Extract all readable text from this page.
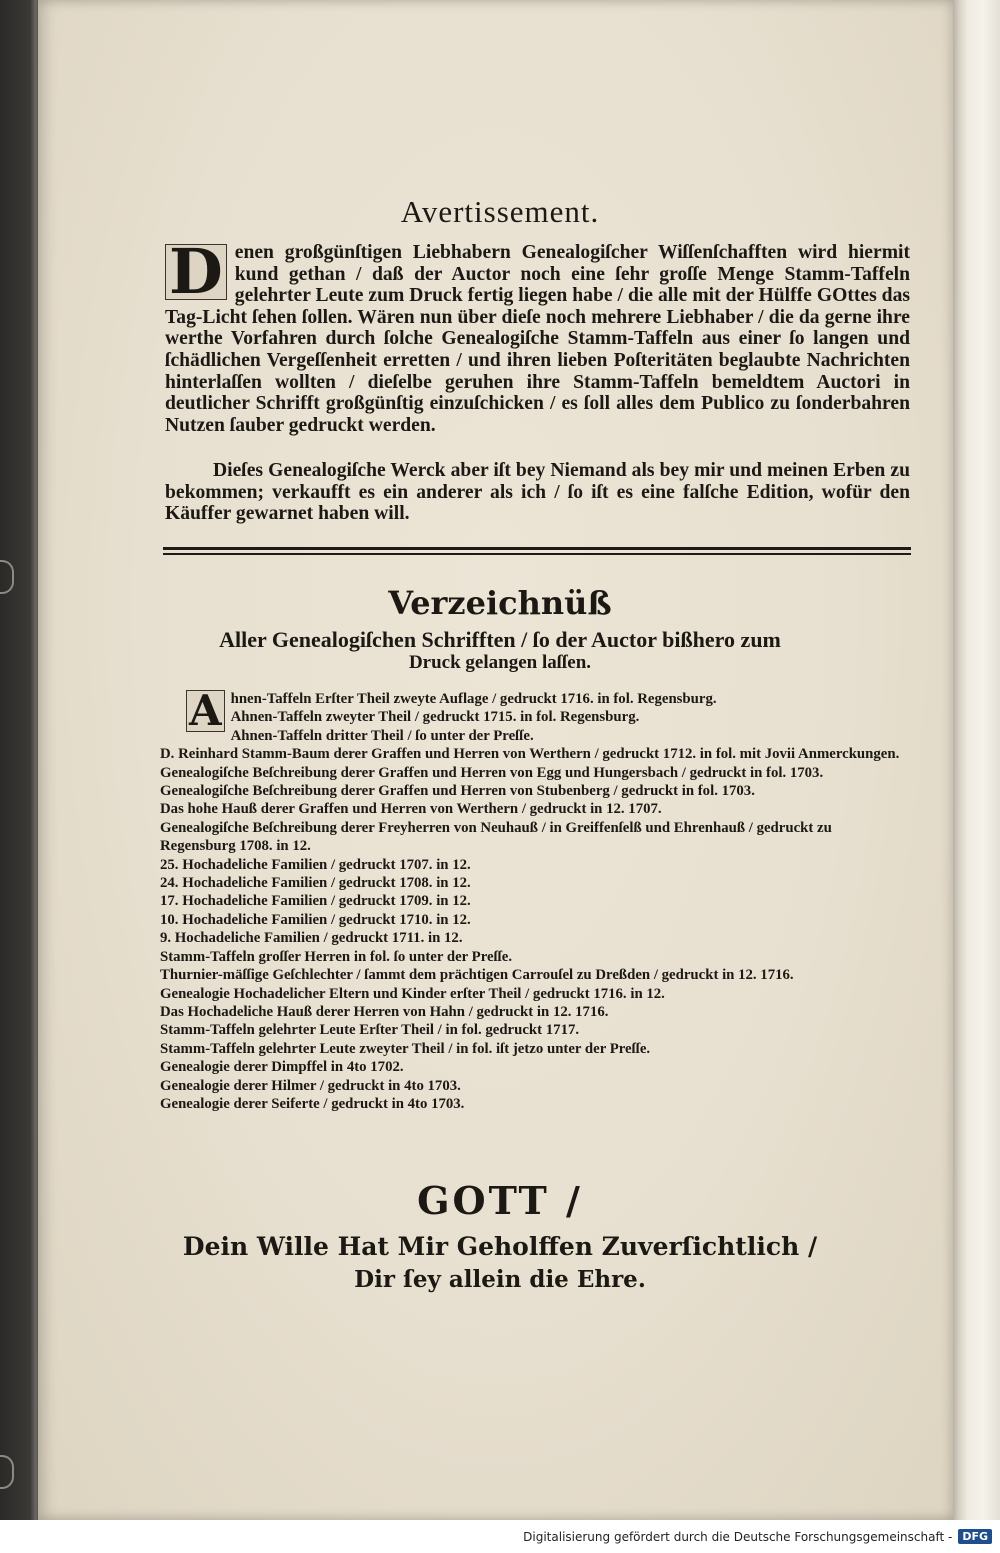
Avertissement.
D enen großgünſtigen Liebhabern Genealogiſcher Wiſſenſchafften wird hiermit kund gethan / daß der Auctor noch eine ſehr groſſe Menge Stamm-Taffeln gelehrter Leute zum Druck fertig liegen habe / die alle mit der Hülffe GOttes das Tag-Licht ſehen ſollen. Wären nun über dieſe noch mehrere Liebhaber / die da gerne ihre werthe Vorfahren durch ſolche Genealogiſche Stamm-Taffeln aus einer ſo langen und ſchädlichen Vergeſſenheit erretten / und ihren lieben Poſteritäten beglaubte Nachrichten hinterlaſſen wollten / dieſelbe geruhen ihre Stamm-Taffeln bemeldtem Auctori in deutlicher Schrifft großgünſtig einzuſchicken / es ſoll alles dem Publico zu ſonderbahren Nutzen ſauber gedruckt werden.
Dieſes Genealogiſche Werck aber iſt bey Niemand als bey mir und meinen Erben zu bekommen; verkaufft es ein anderer als ich / ſo iſt es eine falſche Edition, wofür den Käuffer gewarnet haben will.
Verzeichnüß
Aller Genealogiſchen Schrifften / ſo der Auctor bißhero zum
Druck gelangen laſſen.
A hnen-Taffeln Erſter Theil zweyte Auflage / gedruckt 1716. in fol. Regensburg.
Ahnen-Taffeln zweyter Theil / gedruckt 1715. in fol. Regensburg.
Ahnen-Taffeln dritter Theil / ſo unter der Preſſe.
D. Reinhard Stamm-Baum derer Graffen und Herren von Werthern / gedruckt 1712. in fol. mit Jovii Anmerckungen.
Genealogiſche Beſchreibung derer Graffen und Herren von Egg und Hungersbach / gedruckt in fol. 1703.
Genealogiſche Beſchreibung derer Graffen und Herren von Stubenberg / gedruckt in fol. 1703.
Das hohe Hauß derer Graffen und Herren von Werthern / gedruckt in 12. 1707.
Genealogiſche Beſchreibung derer Freyherren von Neuhauß / in Greiffenſelß und Ehrenhauß / gedruckt zu Regensburg 1708. in 12.
25. Hochadeliche Familien / gedruckt 1707. in 12.
24. Hochadeliche Familien / gedruckt 1708. in 12.
17. Hochadeliche Familien / gedruckt 1709. in 12.
10. Hochadeliche Familien / gedruckt 1710. in 12.
9. Hochadeliche Familien / gedruckt 1711. in 12.
Stamm-Taffeln groſſer Herren in fol. ſo unter der Preſſe.
Thurnier-mäſſige Geſchlechter / ſammt dem prächtigen Carrouſel zu Dreßden / gedruckt in 12. 1716.
Genealogie Hochadelicher Eltern und Kinder erſter Theil / gedruckt 1716. in 12.
Das Hochadeliche Hauß derer Herren von Hahn / gedruckt in 12. 1716.
Stamm-Taffeln gelehrter Leute Erſter Theil / in fol. gedruckt 1717.
Stamm-Taffeln gelehrter Leute zweyter Theil / in fol. iſt jetzo unter der Preſſe.
Genealogie derer Dimpffel in 4to 1702.
Genealogie derer Hilmer / gedruckt in 4to 1703.
Genealogie derer Seiferte / gedruckt in 4to 1703.
GOTT /
Dein Wille Hat Mir Geholffen Zuverſichtlich /
Dir ſey allein die Ehre.
Digitalisierung gefördert durch die Deutsche Forschungsgemeinschaft - DFG
